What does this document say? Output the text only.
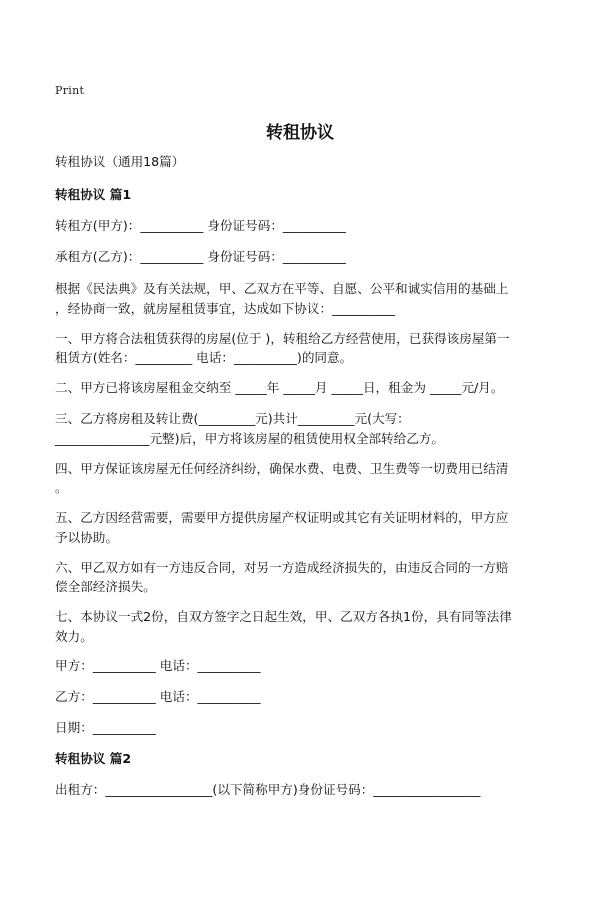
Print
转租协议
转租协议（通用18篇）
转租协议 篇1
转租方(甲方)：__________ 身份证号码：__________
承租方(乙方)：__________ 身份证号码：__________
根据《民法典》及有关法规，甲、乙双方在平等、自愿、公平和诚实信用的基础上
，经协商一致，就房屋租赁事宜，达成如下协议：__________
一、甲方将合法租赁获得的房屋(位于 )，转租给乙方经营使用，已获得该房屋第一
租赁方(姓名：_________ 电话：__________)的同意。
二、甲方已将该房屋租金交纳至 _____年 _____月 _____日，租金为 _____元/月。
三、乙方将房租及转让费(_________元)共计_________元(大写：
_______________元整)后，甲方将该房屋的租赁使用权全部转给乙方。
四、甲方保证该房屋无任何经济纠纷，确保水费、电费、卫生费等一切费用已结清
。
五、乙方因经营需要，需要甲方提供房屋产权证明或其它有关证明材料的，甲方应
予以协助。
六、甲乙双方如有一方违反合同，对另一方造成经济损失的，由违反合同的一方赔
偿全部经济损失。
七、本协议一式2份，自双方签字之日起生效，甲、乙双方各执1份，具有同等法律
效力。
甲方：__________ 电话：__________
乙方：__________ 电话：__________
日期：__________
转租协议 篇2
出租方：_________________(以下简称甲方)身份证号码：_________________
